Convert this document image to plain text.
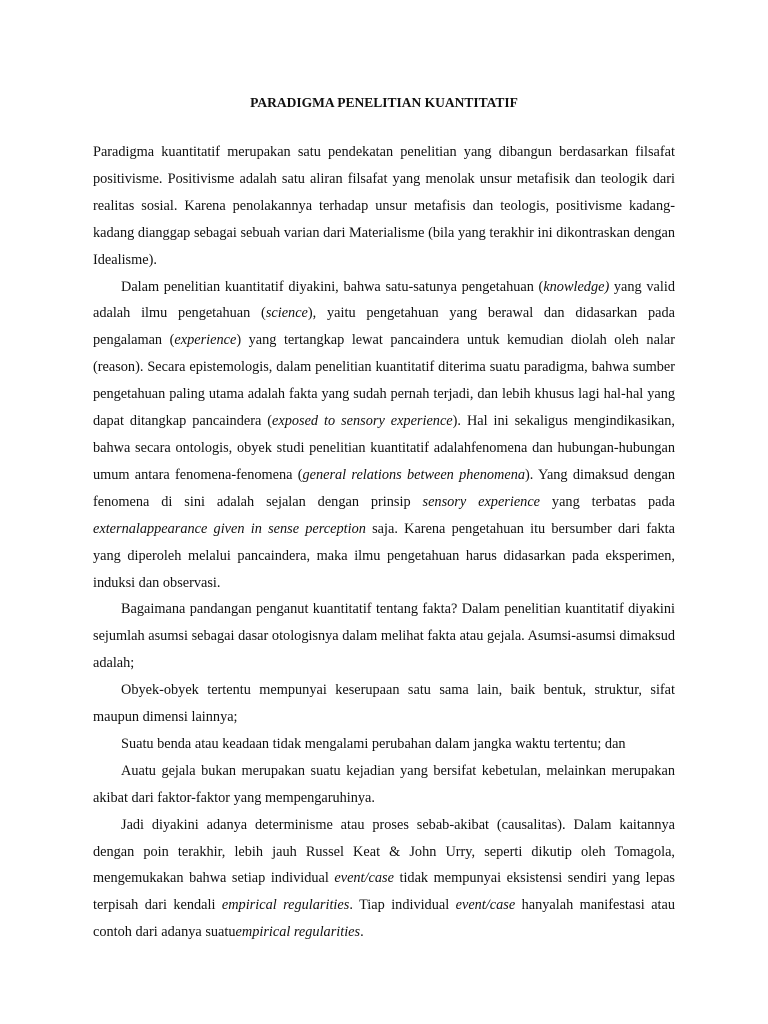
PARADIGMA PENELITIAN KUANTITATIF

Paradigma kuantitatif merupakan satu pendekatan penelitian yang dibangun berdasarkan filsafat positivisme. Positivisme adalah satu aliran filsafat yang menolak unsur metafisik dan teologik dari realitas sosial. Karena penolakannya terhadap unsur metafisis dan teologis, positivisme kadang-kadang dianggap sebagai sebuah varian dari Materialisme (bila yang terakhir ini dikontraskan dengan Idealisme).

Dalam penelitian kuantitatif diyakini, bahwa satu-satunya pengetahuan (knowledge) yang valid adalah ilmu pengetahuan (science), yaitu pengetahuan yang berawal dan didasarkan pada pengalaman (experience) yang tertangkap lewat pancaindera untuk kemudian diolah oleh nalar (reason). Secara epistemologis, dalam penelitian kuantitatif diterima suatu paradigma, bahwa sumber pengetahuan paling utama adalah fakta yang sudah pernah terjadi, dan lebih khusus lagi hal-hal yang dapat ditangkap pancaindera (exposed to sensory experience). Hal ini sekaligus mengindikasikan, bahwa secara ontologis, obyek studi penelitian kuantitatif adalahfenomena dan hubungan-hubungan umum antara fenomena-fenomena (general relations between phenomena). Yang dimaksud dengan fenomena di sini adalah sejalan dengan prinsip sensory experience yang terbatas pada externalappearance given in sense perception saja. Karena pengetahuan itu bersumber dari fakta yang diperoleh melalui pancaindera, maka ilmu pengetahuan harus didasarkan pada eksperimen, induksi dan observasi.

Bagaimana pandangan penganut kuantitatif tentang fakta? Dalam penelitian kuantitatif diyakini sejumlah asumsi sebagai dasar otologisnya dalam melihat fakta atau gejala. Asumsi-asumsi dimaksud adalah;

Obyek-obyek tertentu mempunyai keserupaan satu sama lain, baik bentuk, struktur, sifat maupun dimensi lainnya;

Suatu benda atau keadaan tidak mengalami perubahan dalam jangka waktu tertentu; dan

Auatu gejala bukan merupakan suatu kejadian yang bersifat kebetulan, melainkan merupakan akibat dari faktor-faktor yang mempengaruhinya.

Jadi diyakini adanya determinisme atau proses sebab-akibat (causalitas). Dalam kaitannya dengan poin terakhir, lebih jauh Russel Keat & John Urry, seperti dikutip oleh Tomagola, mengemukakan bahwa setiap individual event/case tidak mempunyai eksistensi sendiri yang lepas terpisah dari kendali empirical regularities. Tiap individual event/case hanyalah manifestasi atau contoh dari adanya suatuempirical regularities.
